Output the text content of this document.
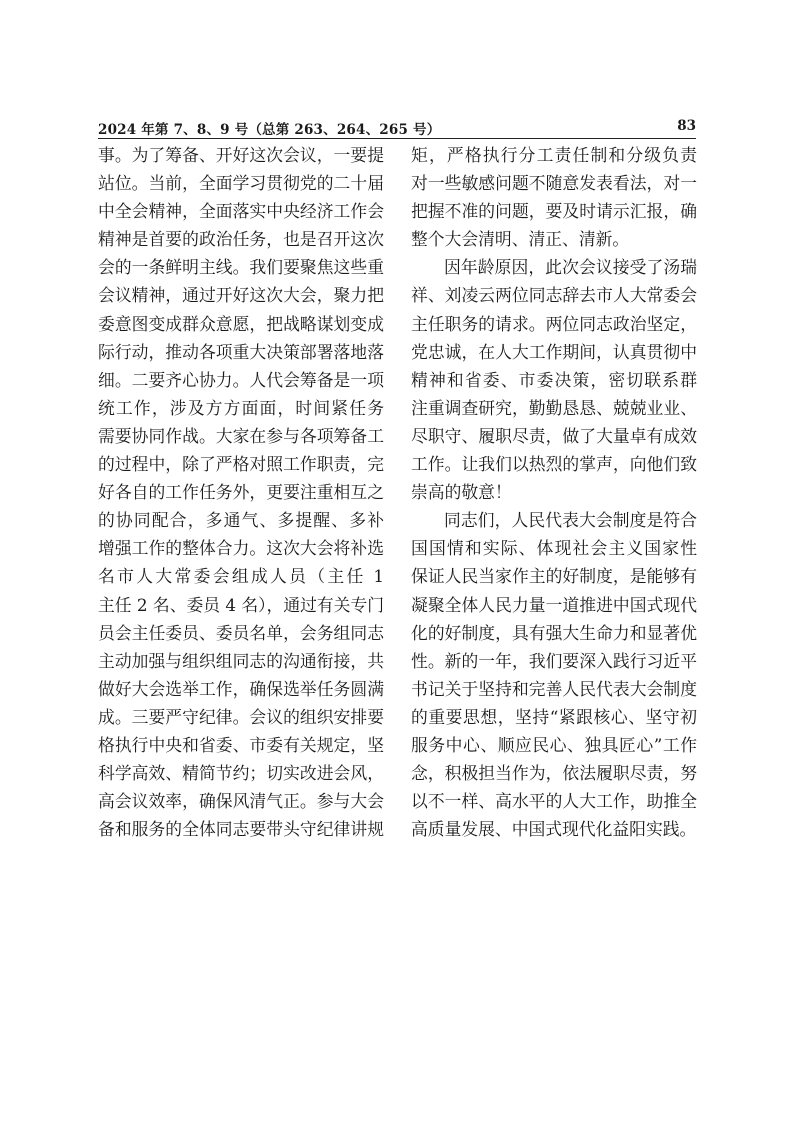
2024 年第 7、8、9 号（总第 263、264、265 号）	83
事。为了筹备、开好这次会议，一要提
站位。当前，全面学习贯彻党的二十届
中全会精神，全面落实中央经济工作会
精神是首要的政治任务，也是召开这次
会的一条鲜明主线。我们要聚焦这些重
会议精神，通过开好这次大会，聚力把
委意图变成群众意愿，把战略谋划变成
际行动，推动各项重大决策部署落地落
细。二要齐心协力。人代会筹备是一项
统工作，涉及方方面面，时间紧任务
需要协同作战。大家在参与各项筹备工
的过程中，除了严格对照工作职责，完
好各自的工作任务外，更要注重相互之
的协同配合，多通气、多提醒、多补
增强工作的整体合力。这次大会将补选
名市人大常委会组成人员（主任 1
主任 2 名、委员 4 名），通过有关专门
员会主任委员、委员名单，会务组同志
主动加强与组织组同志的沟通衔接，共
做好大会选举工作，确保选举任务圆满
成。三要严守纪律。会议的组织安排要
格执行中央和省委、市委有关规定，坚
科学高效、精简节约；切实改进会风，
高会议效率，确保风清气正。参与大会
备和服务的全体同志要带头守纪律讲规
矩，严格执行分工责任制和分级负责
对一些敏感问题不随意发表看法，对一
把握不准的问题，要及时请示汇报，确
整个大会清明、清正、清新。
因年龄原因，此次会议接受了汤瑞
祥、刘凌云两位同志辞去市人大常委会
主任职务的请求。两位同志政治坚定，
党忠诚，在人大工作期间，认真贯彻中
精神和省委、市委决策，密切联系群
注重调查研究，勤勤恳恳、兢兢业业、
尽职守、履职尽责，做了大量卓有成效
工作。让我们以热烈的掌声，向他们致
崇高的敬意！
同志们，人民代表大会制度是符合
国国情和实际、体现社会主义国家性
保证人民当家作主的好制度，是能够有
凝聚全体人民力量一道推进中国式现代
化的好制度，具有强大生命力和显著优
性。新的一年，我们要深入践行习近平
书记关于坚持和完善人民代表大会制度
的重要思想，坚持“紧跟核心、坚守初
服务中心、顺应民心、独具匠心”工作
念，积极担当作为，依法履职尽责，努
以不一样、高水平的人大工作，助推全
高质量发展、中国式现代化益阳实践。
